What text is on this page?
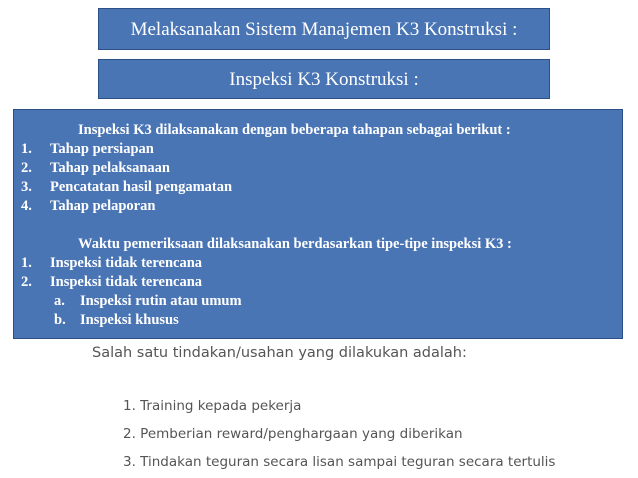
Melaksanakan Sistem Manajemen K3 Konstruksi :
Inspeksi K3 Konstruksi :
Inspeksi K3 dilaksanakan dengan beberapa tahapan sebagai berikut :
1. Tahap persiapan
2. Tahap pelaksanaan
3. Pencatatan hasil pengamatan
4. Tahap pelaporan
Waktu pemeriksaan dilaksanakan berdasarkan tipe-tipe inspeksi K3 :
1. Inspeksi tidak terencana
2. Inspeksi tidak terencana
a. Inspeksi rutin atau umum
b. Inspeksi khusus
Salah satu tindakan/usahan yang dilakukan adalah:
1. Training kepada pekerja
2. Pemberian reward/penghargaan yang diberikan
3. Tindakan teguran secara lisan sampai teguran secara tertulis
